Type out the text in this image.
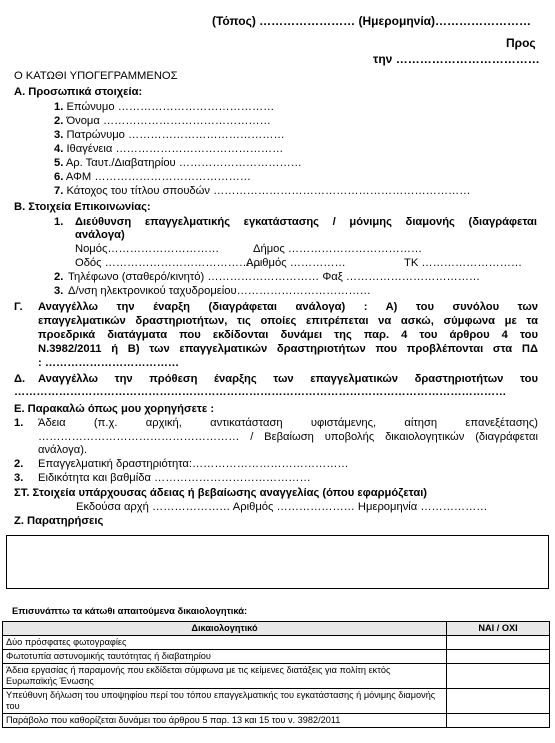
(Τόπος) …………………… (Ημερομηνία)……………………
Προς
την ………………………………
Ο ΚΑΤΩΘΙ ΥΠΟΓΕΓΡΑΜΜΕΝΟΣ
Α. Προσωπικά στοιχεία:
1. Επώνυμο ……………………………………
2. Όνομα ………………………………………
3. Πατρώνυμο ……………………………………
4. Ιθαγένεια ………………………………………
5. Αρ. Ταυτ./Διαβατηρίου ……………………………
6. ΑΦΜ ……………………………………
7. Κάτοχος του τίτλου σπουδών ……………………………………………………………
Β. Στοιχεία Επικοινωνίας:
1. Διεύθυνση επαγγελματικής εγκατάστασης / μόνιμης διαμονής (διαγράφεται
ανάλογα)
Νομός…………………………	Δήμος ………………………………
Οδός ……………………………………
Αριθμός ……………	ΤΚ ………………………
2. Τηλέφωνο (σταθερό/κινητό) ………………………… Φαξ ………………………………
3. Δ/νση ηλεκτρονικού ταχυδρομείου………………………………
Γ. Αναγγέλλω την έναρξη (διαγράφεται ανάλογα) : Α) του συνόλου των
επαγγελματικών δραστηριοτήτων, τις οποίες επιτρέπεται να ασκώ, σύμφωνα με τα
προεδρικά διατάγματα που εκδίδονται δυνάμει της παρ. 4 του άρθρου 4 του
Ν.3982/2011 ή Β) των επαγγελματικών δραστηριοτήτων που προβλέπονται στα ΠΔ
: ………………………………
Δ. Αναγγέλλω την πρόθεση έναρξης των επαγγελματικών δραστηριοτήτων του
……………………………………………………………………………………………………………………
Ε. Παρακαλώ όπως μου χορηγήσετε :
1. Άδεια (π.χ. αρχική, αντικατάσταση υφιστάμενης, αίτηση επανεξέτασης)
……………………………………………… / Βεβαίωση υποβολής δικαιολογητικών (διαγράφεται
ανάλογα).
2. Επαγγελματική δραστηριότητα:……………………………………
3. Ειδικότητα και βαθμίδα ……………………………………
ΣΤ. Στοιχεία υπάρχουσας άδειας ή βεβαίωσης αναγγελίας (όπου εφαρμόζεται)
Εκδούσα αρχή ………………… Αριθμός ………………… Ημερομηνία ………………
Ζ. Παρατηρήσεις
Επισυνάπτω τα κάτωθι απαιτούμενα δικαιολογητικά:
Δικαιολογητικό	ΝΑΙ / ΟΧΙ
Δύο πρόσφατες φωτογραφίες	
Φωτοτυπία αστυνομικής ταυτότητας ή διαβατηρίου	
Άδεια εργασίας ή παραμονής που εκδίδεται σύμφωνα με τις κείμενες διατάξεις για πολίτη εκτός Ευρωπαϊκής Ένωσης	
Υπεύθυνη δήλωση του υποψηφίου περί του τόπου επαγγελματικής του εγκατάστασης ή μόνιμης διαμονής του	
Παράβολο που καθορίζεται δυνάμει του άρθρου 5 παρ. 13 και 15 του ν. 3982/2011	
